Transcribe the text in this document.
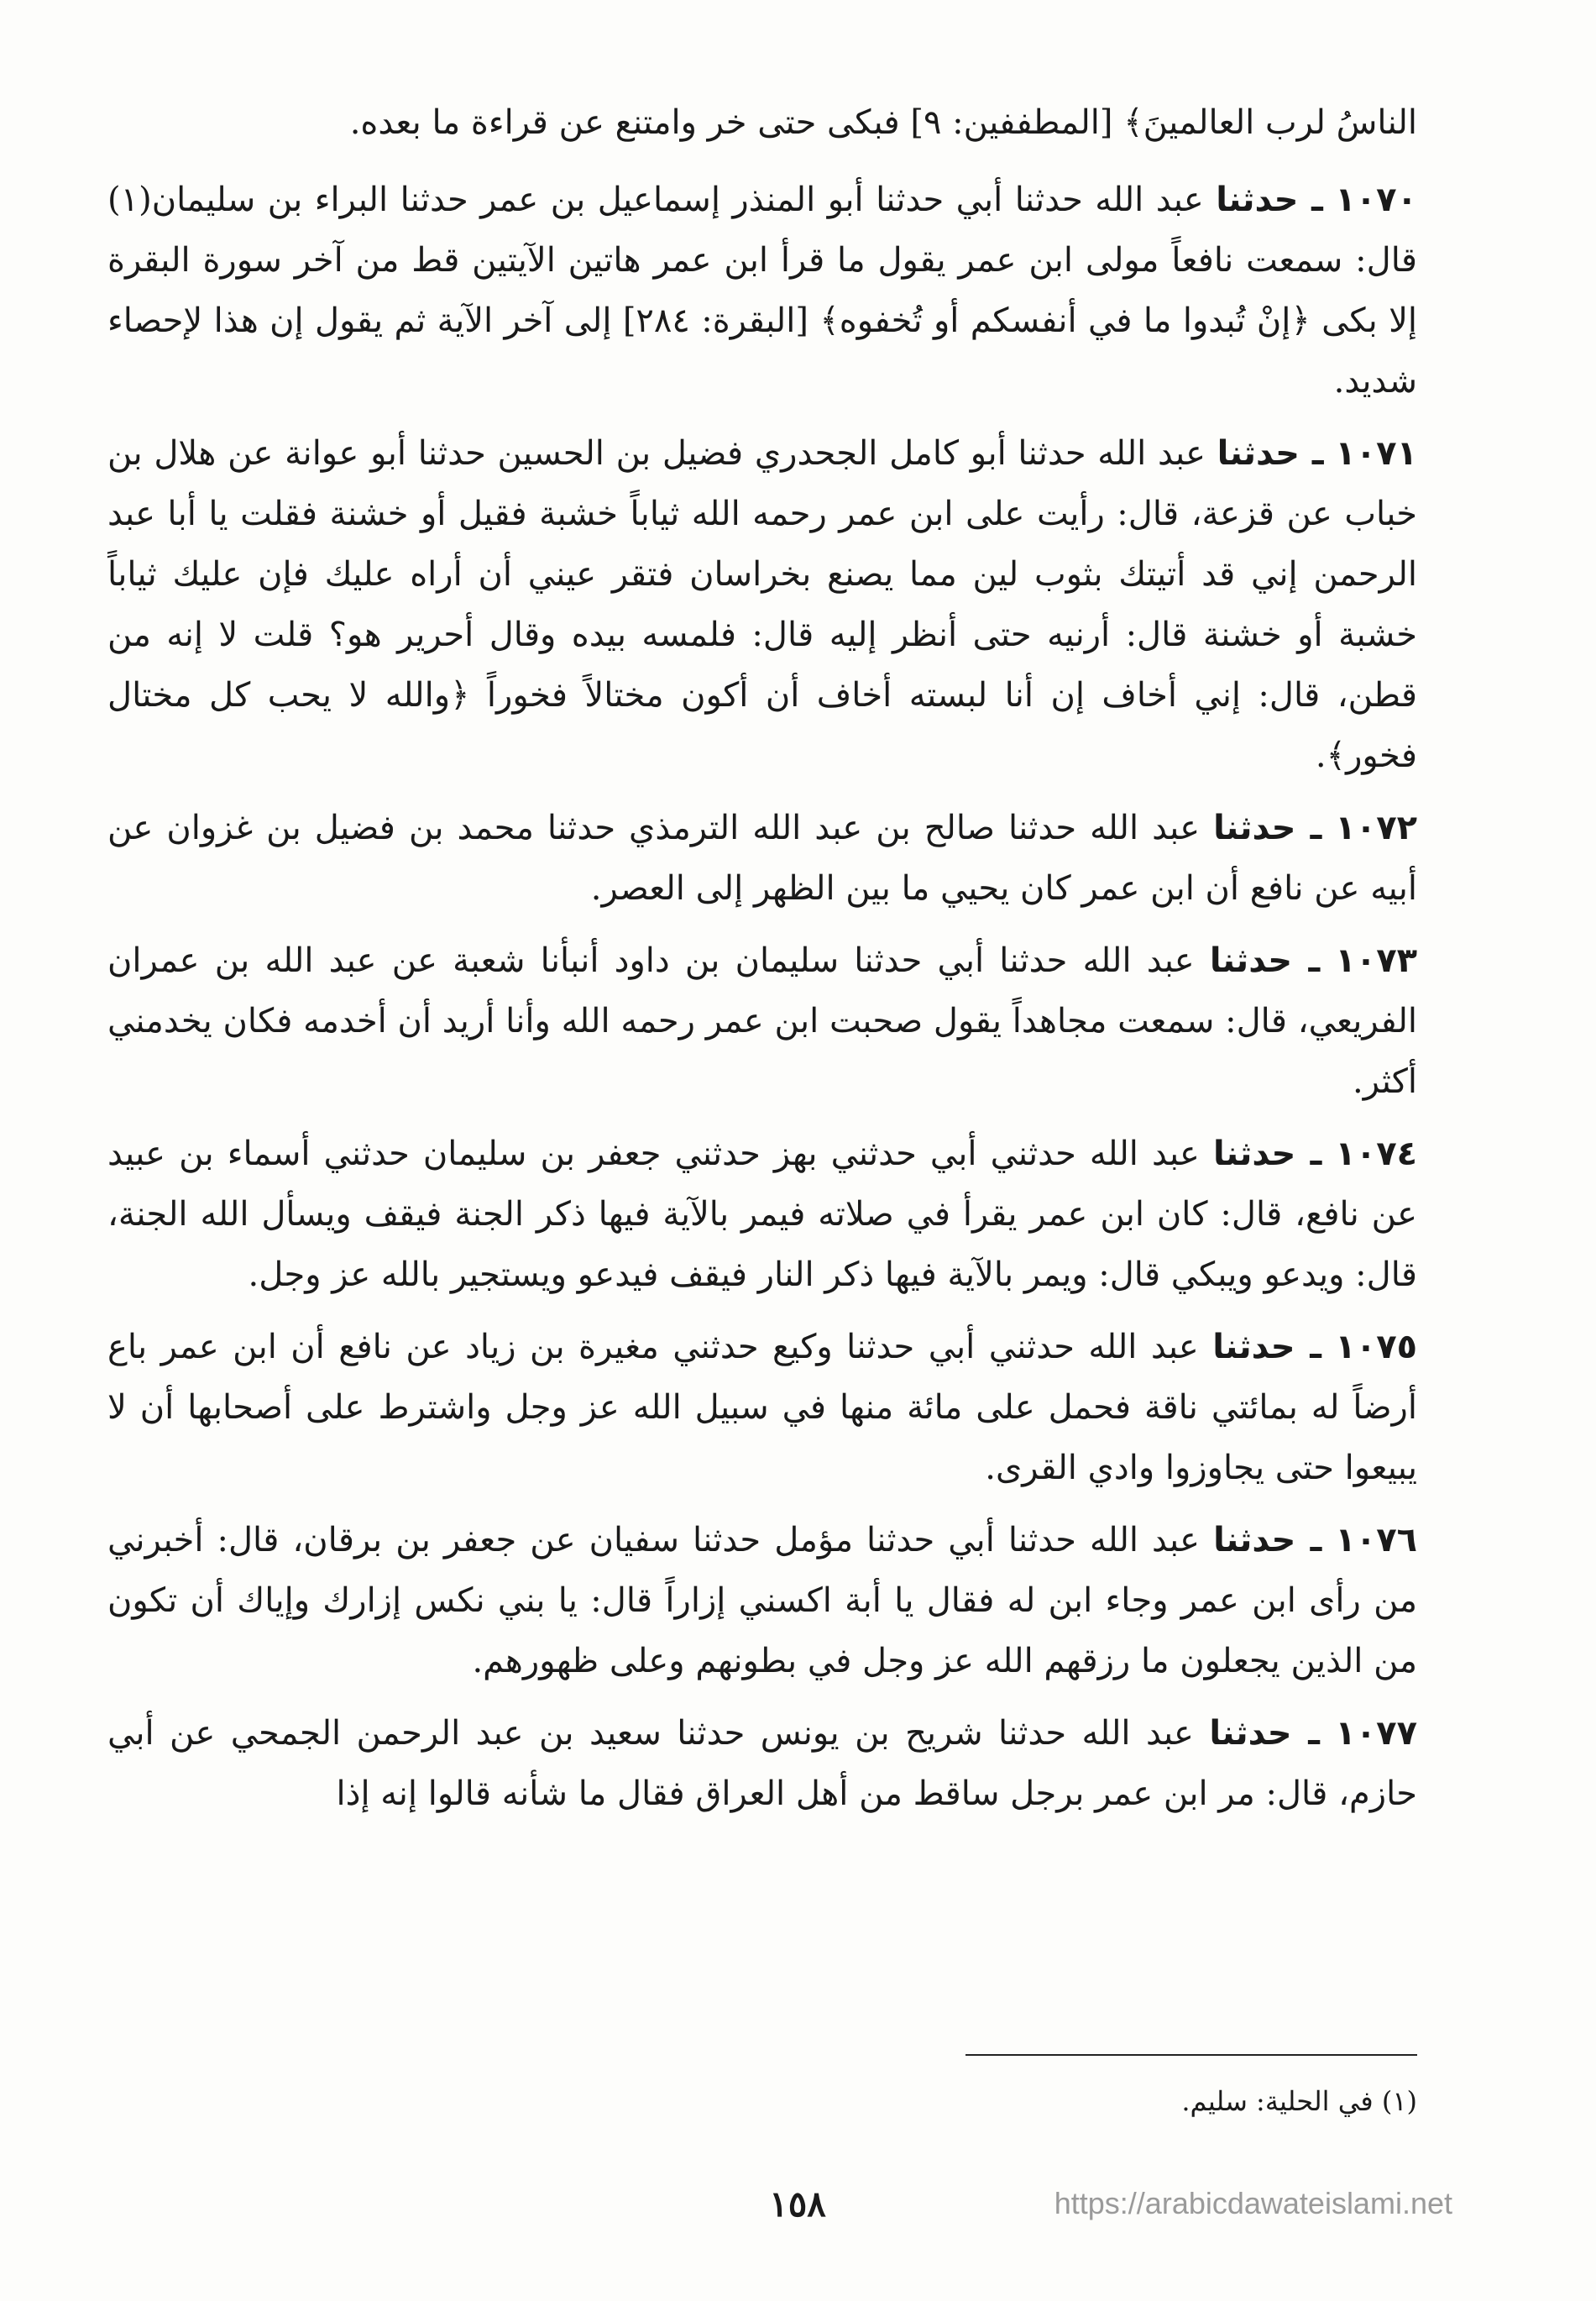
الناسُ لرب العالمينَ﴾ [المطففين: ٩] فبكى حتى خر وامتنع عن قراءة ما بعده.

١٠٧٠ ـ حدثنا عبد الله حدثنا أبي حدثنا أبو المنذر إسماعيل بن عمر حدثنا البراء بن سليمان(١) قال: سمعت نافعاً مولى ابن عمر يقول ما قرأ ابن عمر هاتين الآيتين قط من آخر سورة البقرة إلا بكى ﴿إنْ تُبدوا ما في أنفسكم أو تُخفوه﴾ [البقرة: ٢٨٤] إلى آخر الآية ثم يقول إن هذا لإحصاء شديد.

١٠٧١ ـ حدثنا عبد الله حدثنا أبو كامل الجحدري فضيل بن الحسين حدثنا أبو عوانة عن هلال بن خباب عن قزعة، قال: رأيت على ابن عمر رحمه الله ثياباً خشبة فقيل أو خشنة فقلت يا أبا عبد الرحمن إني قد أتيتك بثوب لين مما يصنع بخراسان فتقر عيني أن أراه عليك فإن عليك ثياباً خشبة أو خشنة قال: أرنيه حتى أنظر إليه قال: فلمسه بيده وقال أحرير هو؟ قلت لا إنه من قطن، قال: إني أخاف إن أنا لبسته أخاف أن أكون مختالاً فخوراً ﴿والله لا يحب كل مختال فخور﴾.

١٠٧٢ ـ حدثنا عبد الله حدثنا صالح بن عبد الله الترمذي حدثنا محمد بن فضيل بن غزوان عن أبيه عن نافع أن ابن عمر كان يحيي ما بين الظهر إلى العصر.

١٠٧٣ ـ حدثنا عبد الله حدثنا أبي حدثنا سليمان بن داود أنبأنا شعبة عن عبد الله بن عمران الفريعي، قال: سمعت مجاهداً يقول صحبت ابن عمر رحمه الله وأنا أريد أن أخدمه فكان يخدمني أكثر.

١٠٧٤ ـ حدثنا عبد الله حدثني أبي حدثني بهز حدثني جعفر بن سليمان حدثني أسماء بن عبيد عن نافع، قال: كان ابن عمر يقرأ في صلاته فيمر بالآية فيها ذكر الجنة فيقف ويسأل الله الجنة، قال: ويدعو ويبكي قال: ويمر بالآية فيها ذكر النار فيقف فيدعو ويستجير بالله عز وجل.

١٠٧٥ ـ حدثنا عبد الله حدثني أبي حدثنا وكيع حدثني مغيرة بن زياد عن نافع أن ابن عمر باع أرضاً له بمائتي ناقة فحمل على مائة منها في سبيل الله عز وجل واشترط على أصحابها أن لا يبيعوا حتى يجاوزوا وادي القرى.

١٠٧٦ ـ حدثنا عبد الله حدثنا أبي حدثنا مؤمل حدثنا سفيان عن جعفر بن برقان، قال: أخبرني من رأى ابن عمر وجاء ابن له فقال يا أبة اكسني إزاراً قال: يا بني نكس إزارك وإياك أن تكون من الذين يجعلون ما رزقهم الله عز وجل في بطونهم وعلى ظهورهم.

١٠٧٧ ـ حدثنا عبد الله حدثنا شريح بن يونس حدثنا سعيد بن عبد الرحمن الجمحي عن أبي حازم، قال: مر ابن عمر برجل ساقط من أهل العراق فقال ما شأنه قالوا إنه إذا

(١) في الحلية: سليم.
١٥٨	https://arabicdawateislami.net
